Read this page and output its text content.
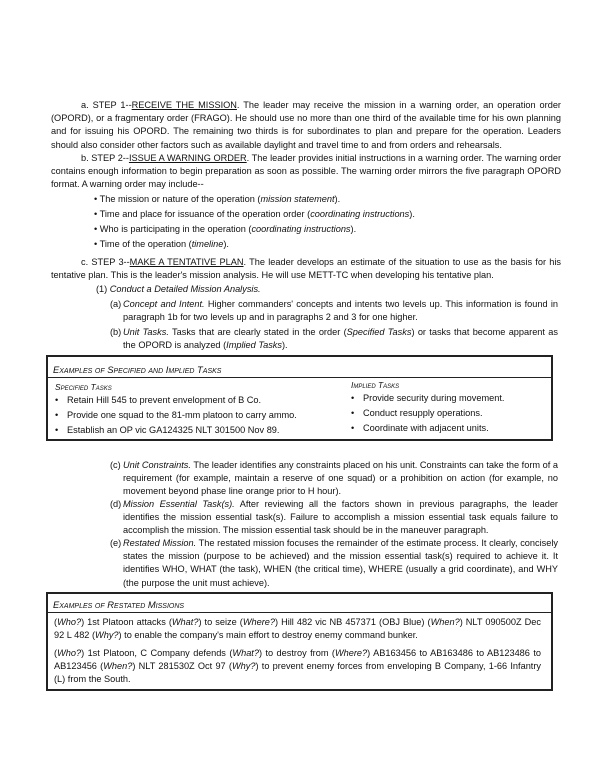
a. STEP 1--RECEIVE THE MISSION. The leader may receive the mission in a warning order, an operation order (OPORD), or a fragmentary order (FRAGO). He should use no more than one third of the available time for his own planning and for issuing his OPORD. The remaining two thirds is for subordinates to plan and prepare for the operation. Leaders should also consider other factors such as available daylight and travel time to and from orders and rehearsals.
b. STEP 2--ISSUE A WARNING ORDER. The leader provides initial instructions in a warning order. The warning order contains enough information to begin preparation as soon as possible. The warning order mirrors the five paragraph OPORD format. A warning order may include--
• The mission or nature of the operation (mission statement).
• Time and place for issuance of the operation order (coordinating instructions).
• Who is participating in the operation (coordinating instructions).
• Time of the operation (timeline).
c. STEP 3--MAKE A TENTATIVE PLAN. The leader develops an estimate of the situation to use as the basis for his tentative plan. This is the leader's mission analysis. He will use METT-TC when developing his tentative plan.
(1) Conduct a Detailed Mission Analysis.
(a) Concept and Intent. Higher commanders' concepts and intents two levels up. This information is found in paragraph 1b for two levels up and in paragraphs 2 and 3 for one higher.
(b) Unit Tasks. Tasks that are clearly stated in the order (Specified Tasks) or tasks that become apparent as the OPORD is analyzed (Implied Tasks).
Examples of Specified and Implied Tasks
Specified Tasks
• Retain Hill 545 to prevent envelopment of B Co.
• Provide one squad to the 81-mm platoon to carry ammo.
• Establish an OP vic GA124325 NLT 301500 Nov 89.
Implied Tasks
• Provide security during movement.
• Conduct resupply operations.
• Coordinate with adjacent units.
(c) Unit Constraints. The leader identifies any constraints placed on his unit. Constraints can take the form of a requirement (for example, maintain a reserve of one squad) or a prohibition on action (for example, no movement beyond phase line orange prior to H hour).
(d) Mission Essential Task(s). After reviewing all the factors shown in previous paragraphs, the leader identifies the mission essential task(s). Failure to accomplish a mission essential task equals failure to accomplish the mission. The mission essential task should be in the maneuver paragraph.
(e) Restated Mission. The restated mission focuses the remainder of the estimate process. It clearly, concisely states the mission (purpose to be achieved) and the mission essential task(s) required to achieve it. It identifies WHO, WHAT (the task), WHEN (the critical time), WHERE (usually a grid coordinate), and WHY (the purpose the unit must achieve).
Examples of Restated Missions
(Who?) 1st Platoon attacks (What?) to seize (Where?) Hill 482 vic NB 457371 (OBJ Blue) (When?) NLT 090500Z Dec 92 L 482 (Why?) to enable the company's main effort to destroy enemy command bunker.
(Who?) 1st Platoon, C Company defends (What?) to destroy from (Where?) AB163456 to AB163486 to AB123486 to AB123456 (When?) NLT 281530Z Oct 97 (Why?) to prevent enemy forces from enveloping B Company, 1-66 Infantry (L) from the South.
